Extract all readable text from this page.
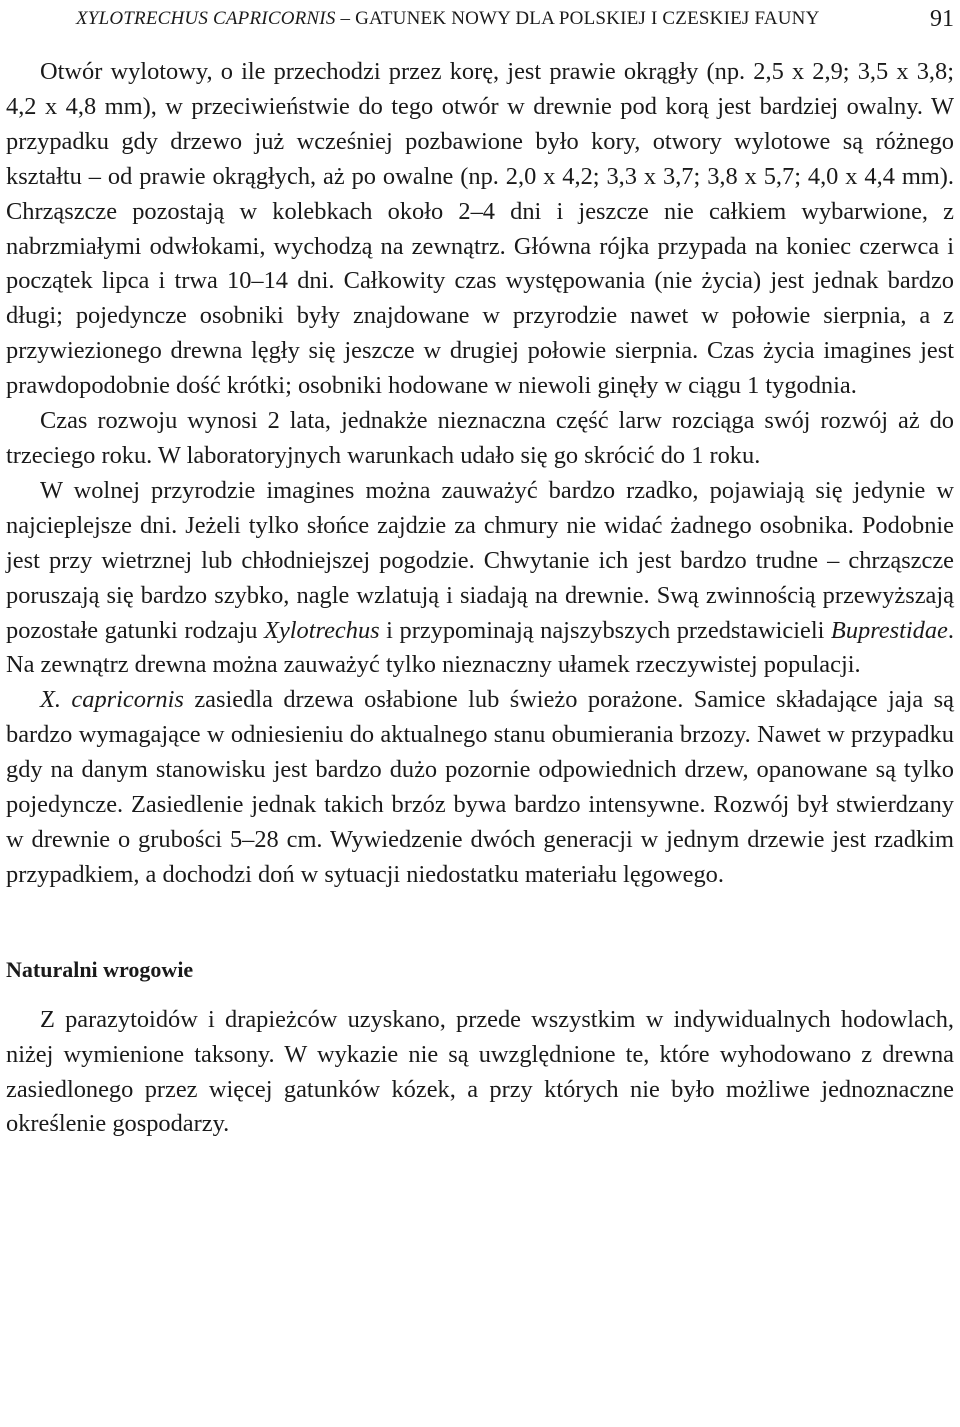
XYLOTRECHUS CAPRICORNIS – GATUNEK NOWY DLA POLSKIEJ I CZESKIEJ FAUNY	91

Otwór wylotowy, o ile przechodzi przez korę, jest prawie okrągły (np. 2,5 x 2,9; 3,5 x 3,8; 4,2 x 4,8 mm), w przeciwieństwie do tego otwór w drewnie pod korą jest bardziej owalny. W przypadku gdy drzewo już wcześniej pozbawione było kory, otwory wylotowe są różnego kształtu – od prawie okrągłych, aż po owalne (np. 2,0 x 4,2; 3,3 x 3,7; 3,8 x 5,7; 4,0 x 4,4 mm). Chrząszcze pozostają w kolebkach około 2–4 dni i jeszcze nie całkiem wybarwione, z nabrzmiałymi odwłokami, wychodzą na zewnątrz. Główna rójka przypada na koniec czerwca i początek lipca i trwa 10–14 dni. Całkowity czas występowania (nie życia) jest jednak bardzo długi; pojedyncze osobniki były znajdowane w przyrodzie nawet w połowie sierpnia, a z przywiezionego drewna lęgły się jeszcze w drugiej połowie sierpnia. Czas życia imagines jest prawdopodobnie dość krótki; osobniki hodowane w niewoli ginęły w ciągu 1 tygodnia.

Czas rozwoju wynosi 2 lata, jednakże nieznaczna część larw rozciąga swój rozwój aż do trzeciego roku. W laboratoryjnych warunkach udało się go skrócić do 1 roku.

W wolnej przyrodzie imagines można zauważyć bardzo rzadko, pojawiają się jedynie w najcieplejsze dni. Jeżeli tylko słońce zajdzie za chmury nie widać żadnego osobnika. Podobnie jest przy wietrznej lub chłodniejszej pogodzie. Chwytanie ich jest bardzo trudne – chrząszcze poruszają się bardzo szybko, nagle wzlatują i siadają na drewnie. Swą zwinnością przewyższają pozostałe gatunki rodzaju Xylotrechus i przypominają najszybszych przedstawicieli Buprestidae. Na zewnątrz drewna można zauważyć tylko nieznaczny ułamek rzeczywistej populacji.

X. capricornis zasiedla drzewa osłabione lub świeżo porażone. Samice składające jaja są bardzo wymagające w odniesieniu do aktualnego stanu obumierania brzozy. Nawet w przypadku gdy na danym stanowisku jest bardzo dużo pozornie odpowiednich drzew, opanowane są tylko pojedyncze. Zasiedlenie jednak takich brzóz bywa bardzo intensywne. Rozwój był stwierdzany w drewnie o grubości 5–28 cm. Wywiedzenie dwóch generacji w jednym drzewie jest rzadkim przypadkiem, a dochodzi doń w sytuacji niedostatku materiału lęgowego.

Naturalni wrogowie

Z parazytoidów i drapieżców uzyskano, przede wszystkim w indywidualnych hodowlach, niżej wymienione taksony. W wykazie nie są uwzględnione te, które wyhodowano z drewna zasiedlonego przez więcej gatunków kózek, a przy których nie było możliwe jednoznaczne określenie gospodarzy.
